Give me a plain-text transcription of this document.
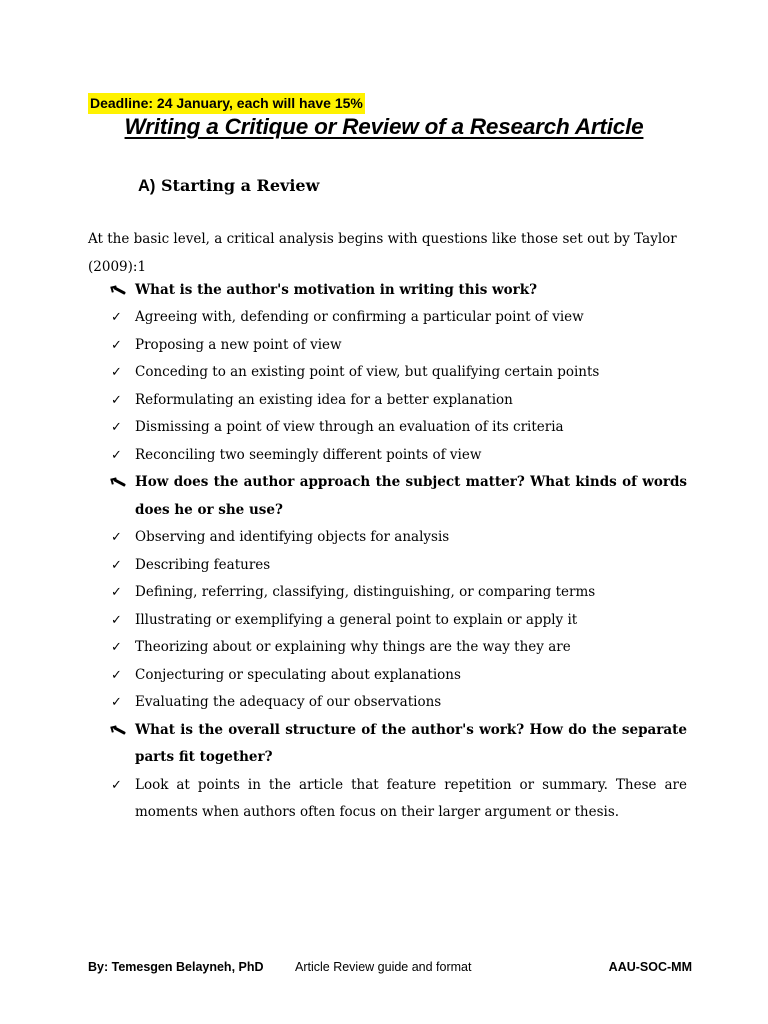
Deadline: 24 January, each will have 15%
Writing a Critique or Review of a Research Article
A) Starting a Review
At the basic level, a critical analysis begins with questions like those set out by Taylor (2009):1
What is the author's motivation in writing this work?
✓ Agreeing with, defending or confirming a particular point of view
✓ Proposing a new point of view
✓ Conceding to an existing point of view, but qualifying certain points
✓ Reformulating an existing idea for a better explanation
✓ Dismissing a point of view through an evaluation of its criteria
✓ Reconciling two seemingly different points of view
How does the author approach the subject matter? What kinds of words does he or she use?
✓ Observing and identifying objects for analysis
✓ Describing features
✓ Defining, referring, classifying, distinguishing, or comparing terms
✓ Illustrating or exemplifying a general point to explain or apply it
✓ Theorizing about or explaining why things are the way they are
✓ Conjecturing or speculating about explanations
✓ Evaluating the adequacy of our observations
What is the overall structure of the author's work? How do the separate parts fit together?
✓ Look at points in the article that feature repetition or summary. These are moments when authors often focus on their larger argument or thesis.
By: Temesgen Belayneh, PhD	Article Review guide and format	AAU-SOC-MM
